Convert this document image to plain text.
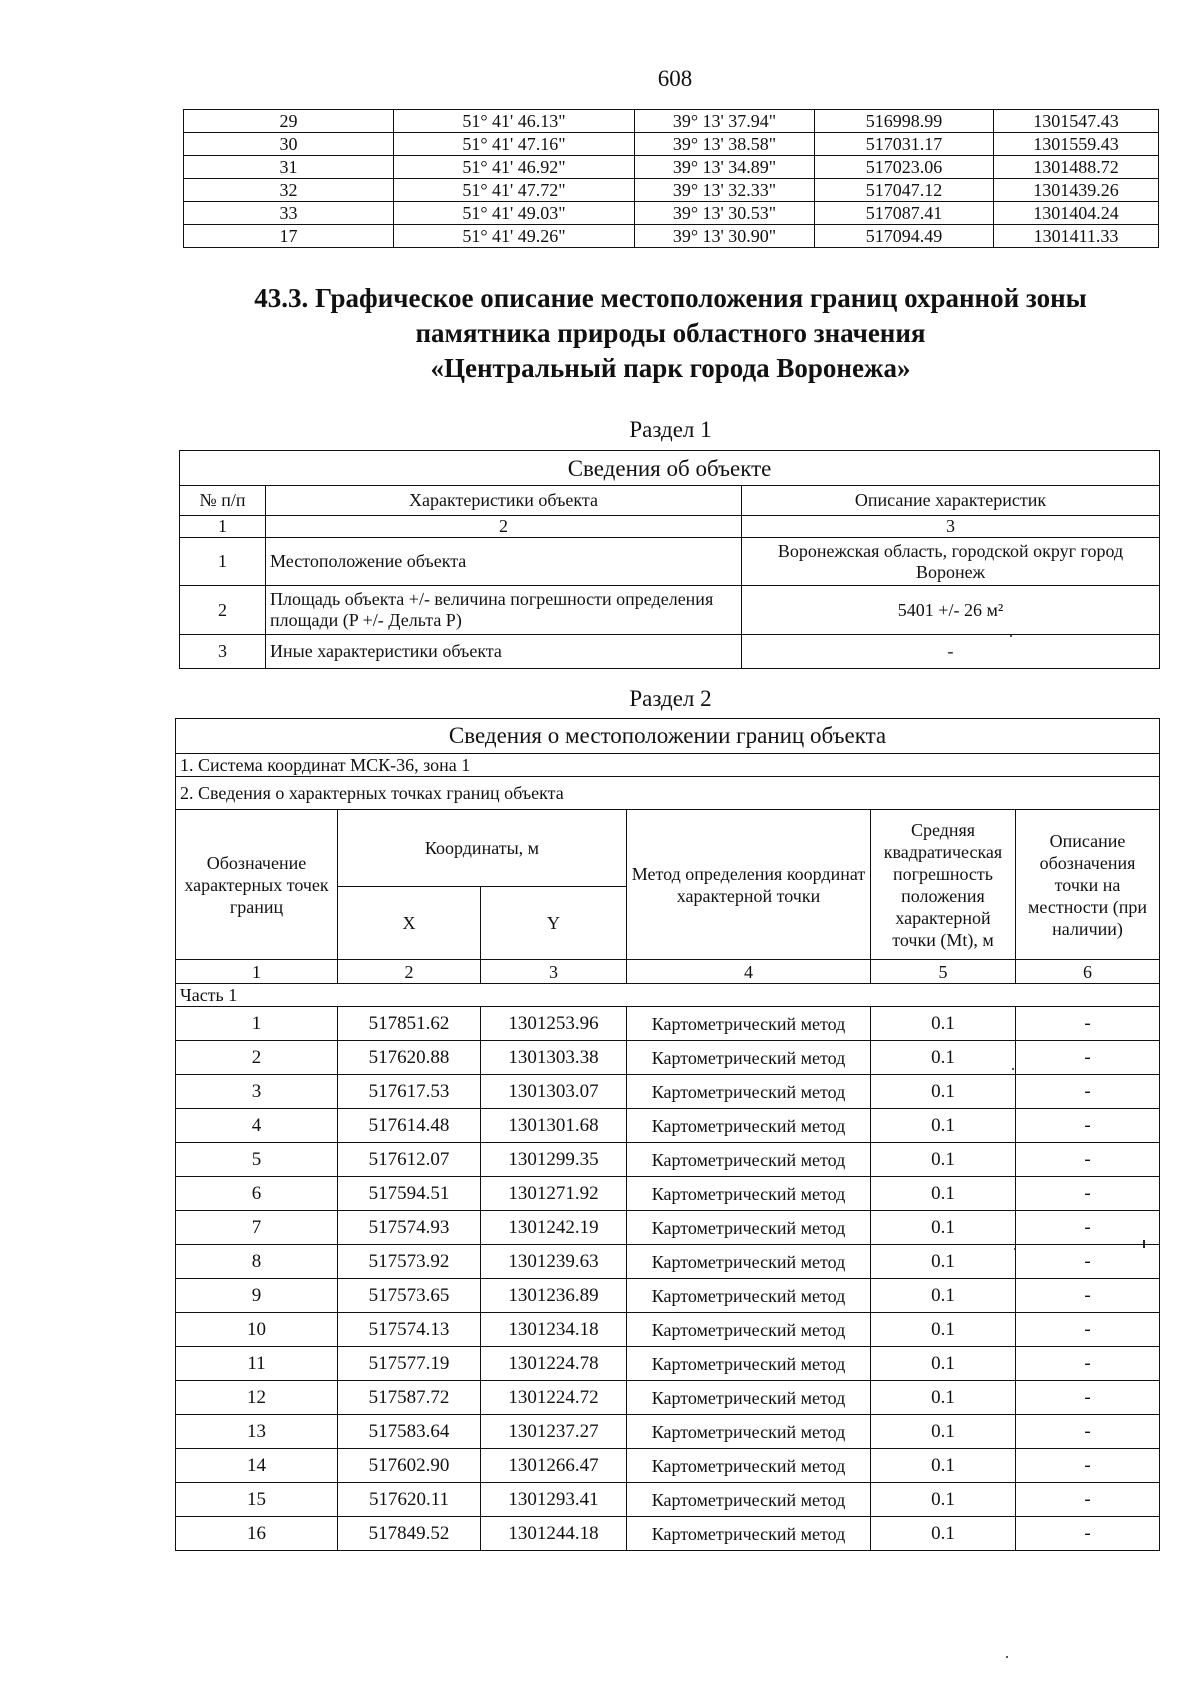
608
29	51° 41' 46.13"	39° 13' 37.94"	516998.99	1301547.43
30	51° 41' 47.16"	39° 13' 38.58"	517031.17	1301559.43
31	51° 41' 46.92"	39° 13' 34.89"	517023.06	1301488.72
32	51° 41' 47.72"	39° 13' 32.33"	517047.12	1301439.26
33	51° 41' 49.03"	39° 13' 30.53"	517087.41	1301404.24
17	51° 41' 49.26"	39° 13' 30.90"	517094.49	1301411.33
43.3. Графическое описание местоположения границ охранной зоны
памятника природы областного значения
«Центральный парк города Воронежа»
Раздел 1
Сведения об объекте		
№ п/п	Характеристики объекта	Описание характеристик
1	2	3
1	Местоположение объекта	Воронежская область, городской округ город Воронеж
2	Площадь объекта +/- величина погрешности определения площади (P +/- Дельта P)	5401 +/- 26 м²
3	Иные характеристики объекта	-
Раздел 2
Сведения о местоположении границ объекта					
1. Система координат МСК-36, зона 1					
2. Сведения о характерных точках границ объекта					
Обозначение характерных точек границ	Координаты, м		Метод определения координат характерной точки	Средняя квадратическая погрешность положения характерной точки (Mt), м	Описание обозначения точки на местности (при наличии)
	X	Y			
1	2	3	4	5	6
Часть 1					
1	517851.62	1301253.96	Картометрический метод	0.1	-
2	517620.88	1301303.38	Картометрический метод	0.1	-
3	517617.53	1301303.07	Картометрический метод	0.1	-
4	517614.48	1301301.68	Картометрический метод	0.1	-
5	517612.07	1301299.35	Картометрический метод	0.1	-
6	517594.51	1301271.92	Картометрический метод	0.1	-
7	517574.93	1301242.19	Картометрический метод	0.1	-
8	517573.92	1301239.63	Картометрический метод	0.1	-
9	517573.65	1301236.89	Картометрический метод	0.1	-
10	517574.13	1301234.18	Картометрический метод	0.1	-
11	517577.19	1301224.78	Картометрический метод	0.1	-
12	517587.72	1301224.72	Картометрический метод	0.1	-
13	517583.64	1301237.27	Картометрический метод	0.1	-
14	517602.90	1301266.47	Картометрический метод	0.1	-
15	517620.11	1301293.41	Картометрический метод	0.1	-
16	517849.52	1301244.18	Картометрический метод	0.1	-
